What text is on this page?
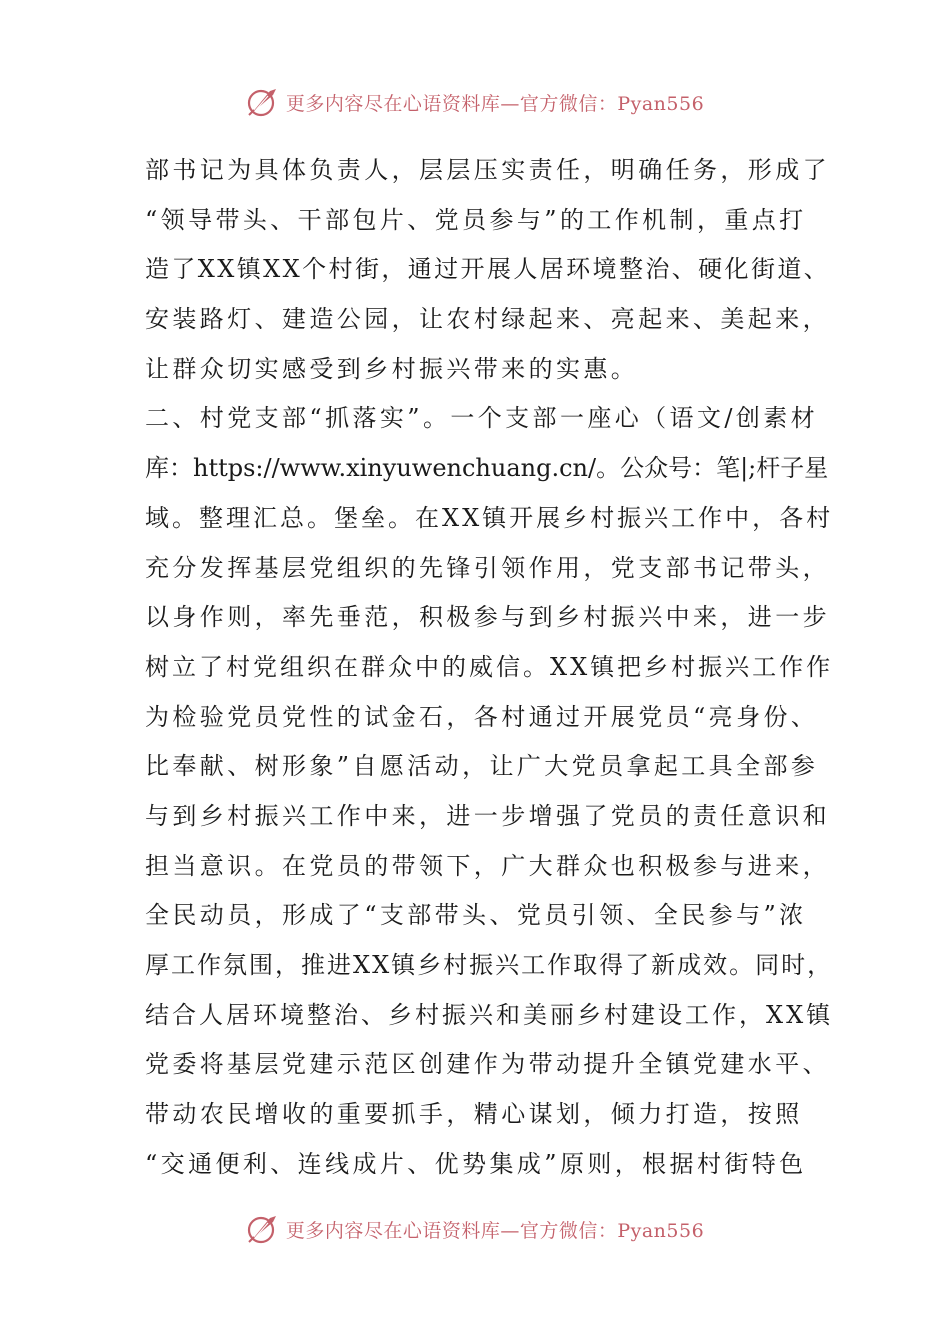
更多内容尽在心语资料库—官方微信：Pyan556
部书记为具体负责人，层层压实责任，明确任务，形成了
“领导带头、干部包片、党员参与”的工作机制，重点打
造了XX镇XX个村街，通过开展人居环境整治、硬化街道、
安装路灯、建造公园，让农村绿起来、亮起来、美起来，
让群众切实感受到乡村振兴带来的实惠。
二、村党支部“抓落实”。一个支部一座心（语文/创素材
库：https://www.xinyuwenchuang.cn/。公众号：笔|;杆子星
域。整理汇总。堡垒。在XX镇开展乡村振兴工作中，各村
充分发挥基层党组织的先锋引领作用，党支部书记带头，
以身作则，率先垂范，积极参与到乡村振兴中来，进一步
树立了村党组织在群众中的威信。XX镇把乡村振兴工作作
为检验党员党性的试金石，各村通过开展党员“亮身份、
比奉献、树形象”自愿活动，让广大党员拿起工具全部参
与到乡村振兴工作中来，进一步增强了党员的责任意识和
担当意识。在党员的带领下，广大群众也积极参与进来，
全民动员，形成了“支部带头、党员引领、全民参与”浓
厚工作氛围，推进XX镇乡村振兴工作取得了新成效。同时，
结合人居环境整治、乡村振兴和美丽乡村建设工作，XX镇
党委将基层党建示范区创建作为带动提升全镇党建水平、
带动农民增收的重要抓手，精心谋划，倾力打造，按照
“交通便利、连线成片、优势集成”原则，根据村街特色
更多内容尽在心语资料库—官方微信：Pyan556
